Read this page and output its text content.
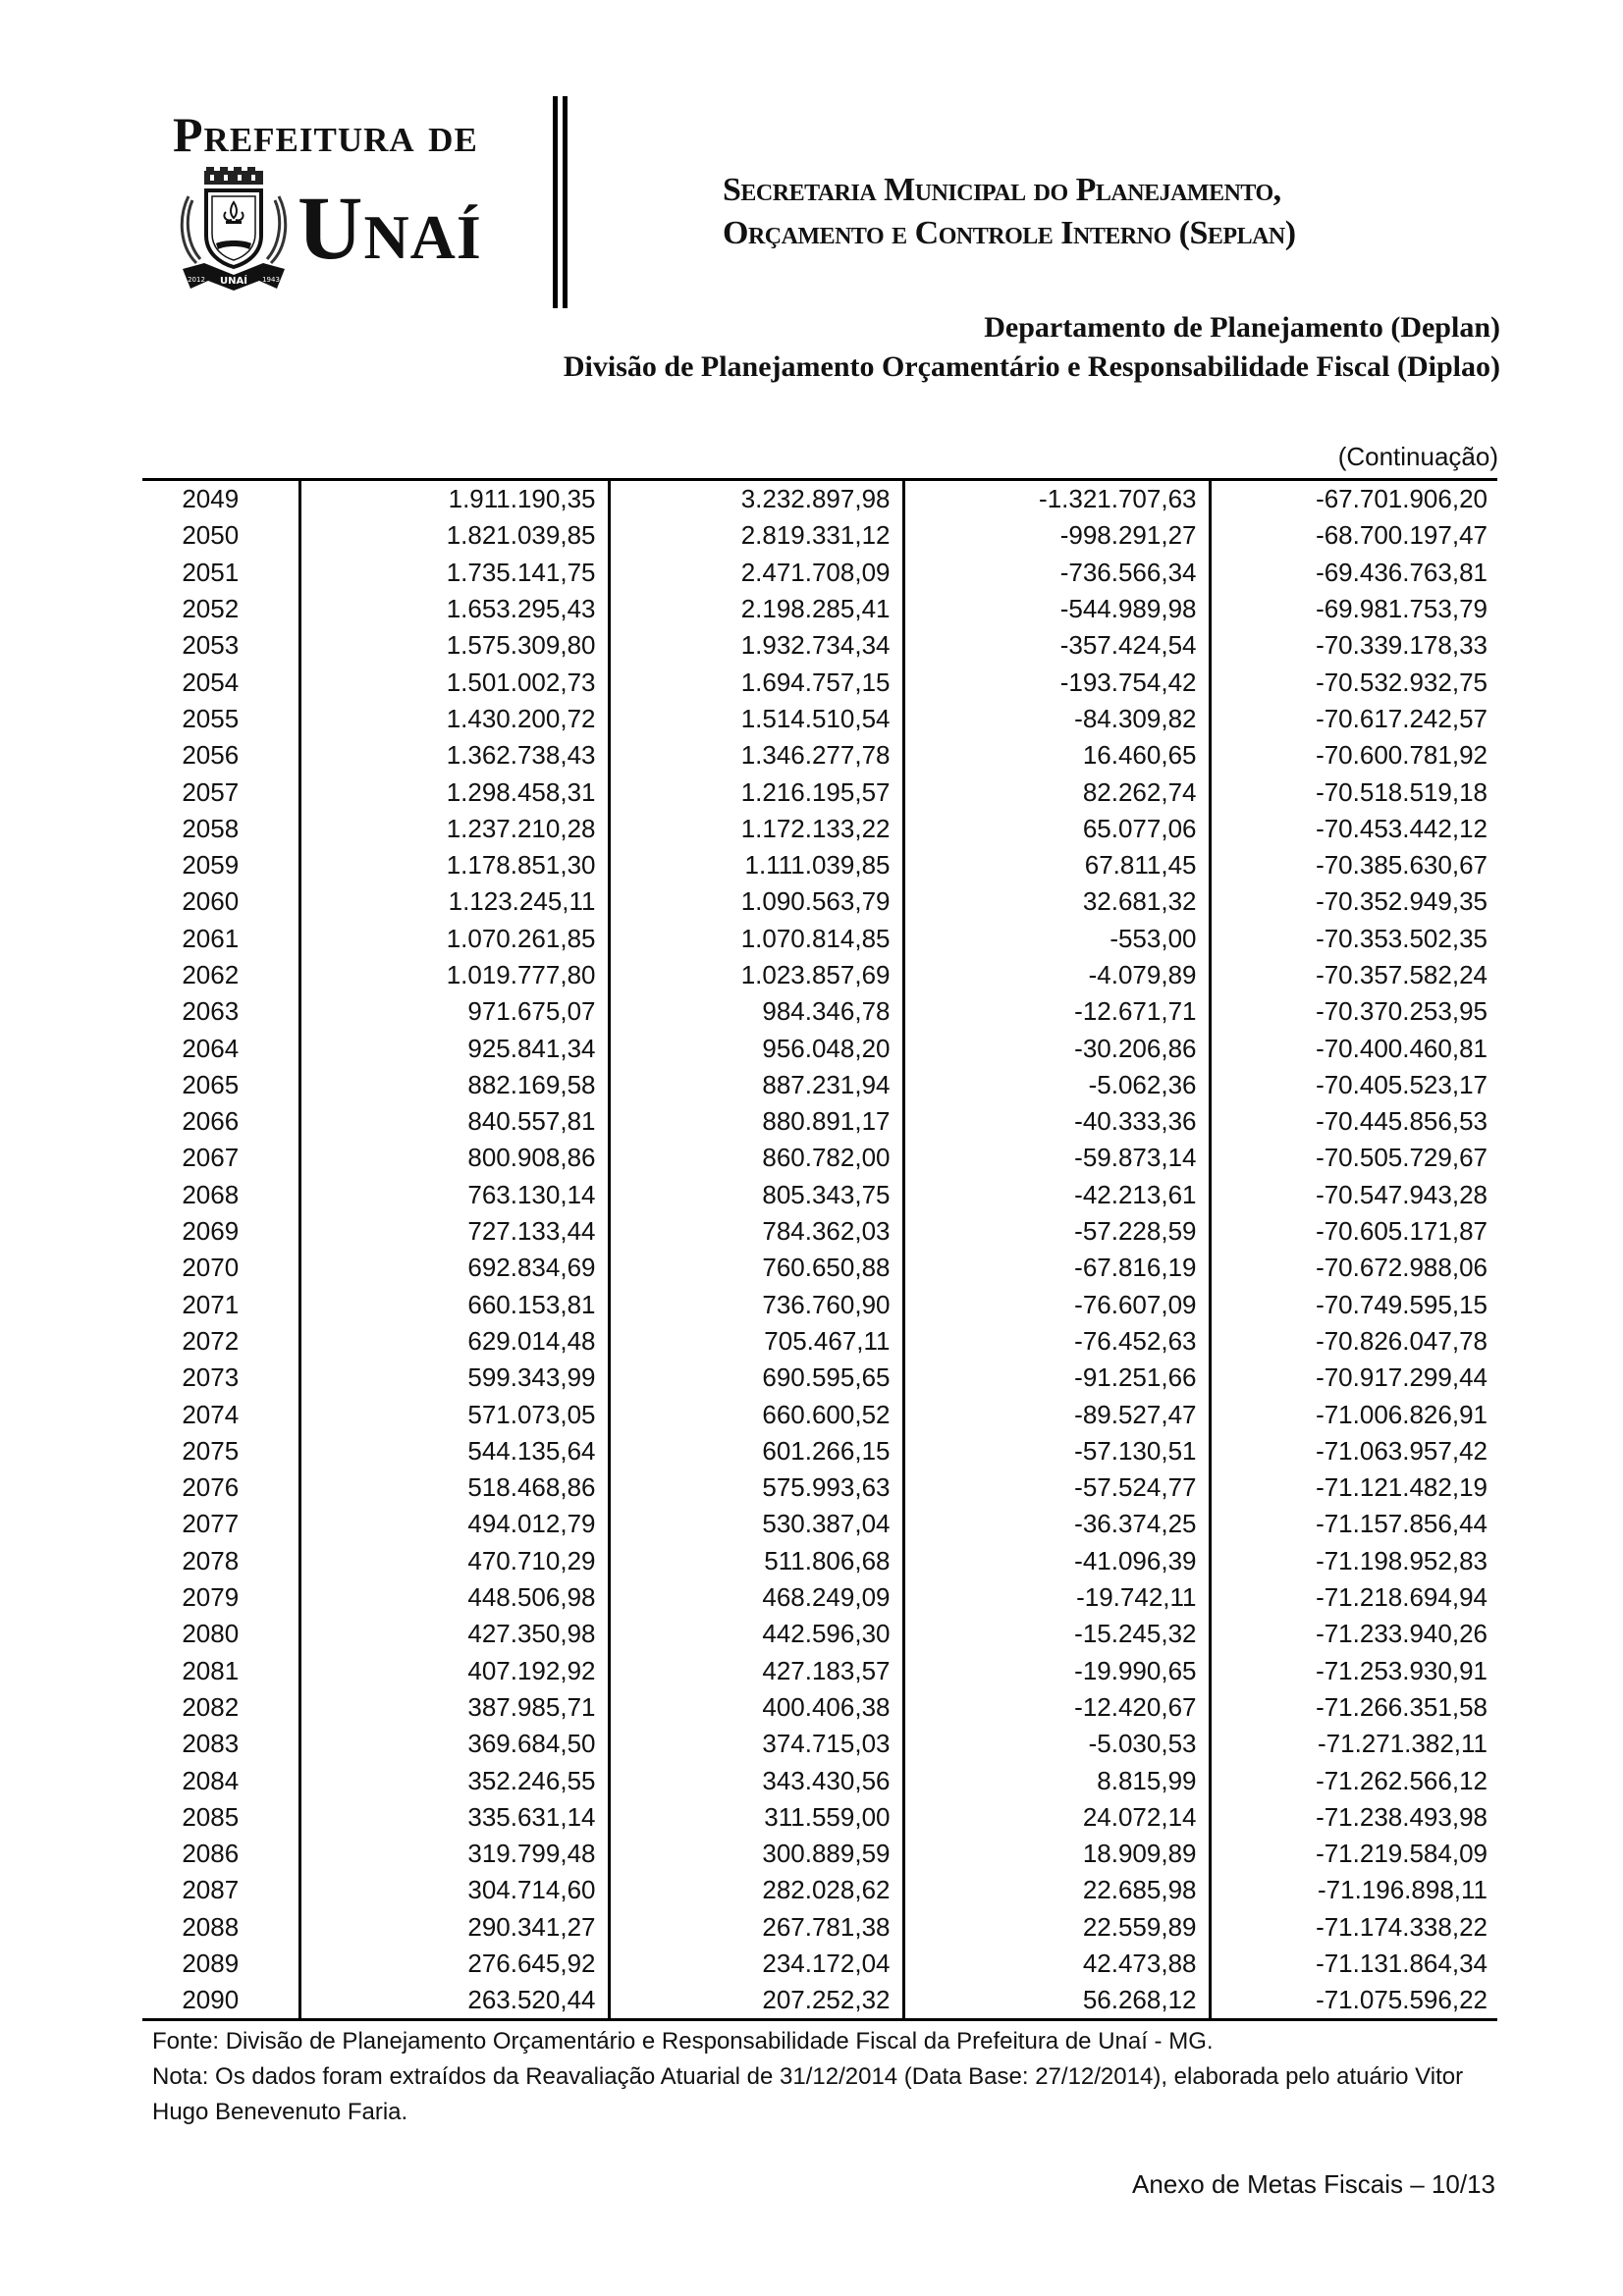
Prefeitura de
UNAÍ
2012	1943
Unaí	Secretaria Municipal do Planejamento,
Orçamento e Controle Interno (Seplan)
Departamento de Planejamento (Deplan)
Divisão de Planejamento Orçamentário e Responsabilidade Fiscal (Diplao)
(Continuação)
2049	1.911.190,35	3.232.897,98	-1.321.707,63	-67.701.906,20
2050	1.821.039,85	2.819.331,12	-998.291,27	-68.700.197,47
2051	1.735.141,75	2.471.708,09	-736.566,34	-69.436.763,81
2052	1.653.295,43	2.198.285,41	-544.989,98	-69.981.753,79
2053	1.575.309,80	1.932.734,34	-357.424,54	-70.339.178,33
2054	1.501.002,73	1.694.757,15	-193.754,42	-70.532.932,75
2055	1.430.200,72	1.514.510,54	-84.309,82	-70.617.242,57
2056	1.362.738,43	1.346.277,78	16.460,65	-70.600.781,92
2057	1.298.458,31	1.216.195,57	82.262,74	-70.518.519,18
2058	1.237.210,28	1.172.133,22	65.077,06	-70.453.442,12
2059	1.178.851,30	1.111.039,85	67.811,45	-70.385.630,67
2060	1.123.245,11	1.090.563,79	32.681,32	-70.352.949,35
2061	1.070.261,85	1.070.814,85	-553,00	-70.353.502,35
2062	1.019.777,80	1.023.857,69	-4.079,89	-70.357.582,24
2063	971.675,07	984.346,78	-12.671,71	-70.370.253,95
2064	925.841,34	956.048,20	-30.206,86	-70.400.460,81
2065	882.169,58	887.231,94	-5.062,36	-70.405.523,17
2066	840.557,81	880.891,17	-40.333,36	-70.445.856,53
2067	800.908,86	860.782,00	-59.873,14	-70.505.729,67
2068	763.130,14	805.343,75	-42.213,61	-70.547.943,28
2069	727.133,44	784.362,03	-57.228,59	-70.605.171,87
2070	692.834,69	760.650,88	-67.816,19	-70.672.988,06
2071	660.153,81	736.760,90	-76.607,09	-70.749.595,15
2072	629.014,48	705.467,11	-76.452,63	-70.826.047,78
2073	599.343,99	690.595,65	-91.251,66	-70.917.299,44
2074	571.073,05	660.600,52	-89.527,47	-71.006.826,91
2075	544.135,64	601.266,15	-57.130,51	-71.063.957,42
2076	518.468,86	575.993,63	-57.524,77	-71.121.482,19
2077	494.012,79	530.387,04	-36.374,25	-71.157.856,44
2078	470.710,29	511.806,68	-41.096,39	-71.198.952,83
2079	448.506,98	468.249,09	-19.742,11	-71.218.694,94
2080	427.350,98	442.596,30	-15.245,32	-71.233.940,26
2081	407.192,92	427.183,57	-19.990,65	-71.253.930,91
2082	387.985,71	400.406,38	-12.420,67	-71.266.351,58
2083	369.684,50	374.715,03	-5.030,53	-71.271.382,11
2084	352.246,55	343.430,56	8.815,99	-71.262.566,12
2085	335.631,14	311.559,00	24.072,14	-71.238.493,98
2086	319.799,48	300.889,59	18.909,89	-71.219.584,09
2087	304.714,60	282.028,62	22.685,98	-71.196.898,11
2088	290.341,27	267.781,38	22.559,89	-71.174.338,22
2089	276.645,92	234.172,04	42.473,88	-71.131.864,34
2090	263.520,44	207.252,32	56.268,12	-71.075.596,22

Fonte: Divisão de Planejamento Orçamentário e Responsabilidade Fiscal da Prefeitura de Unaí - MG.

Nota: Os dados foram extraídos da Reavaliação Atuarial de 31/12/2014 (Data Base: 27/12/2014), elaborada pelo atuário Vitor Hugo Benevenuto Faria.

Anexo de Metas Fiscais – 10/13
